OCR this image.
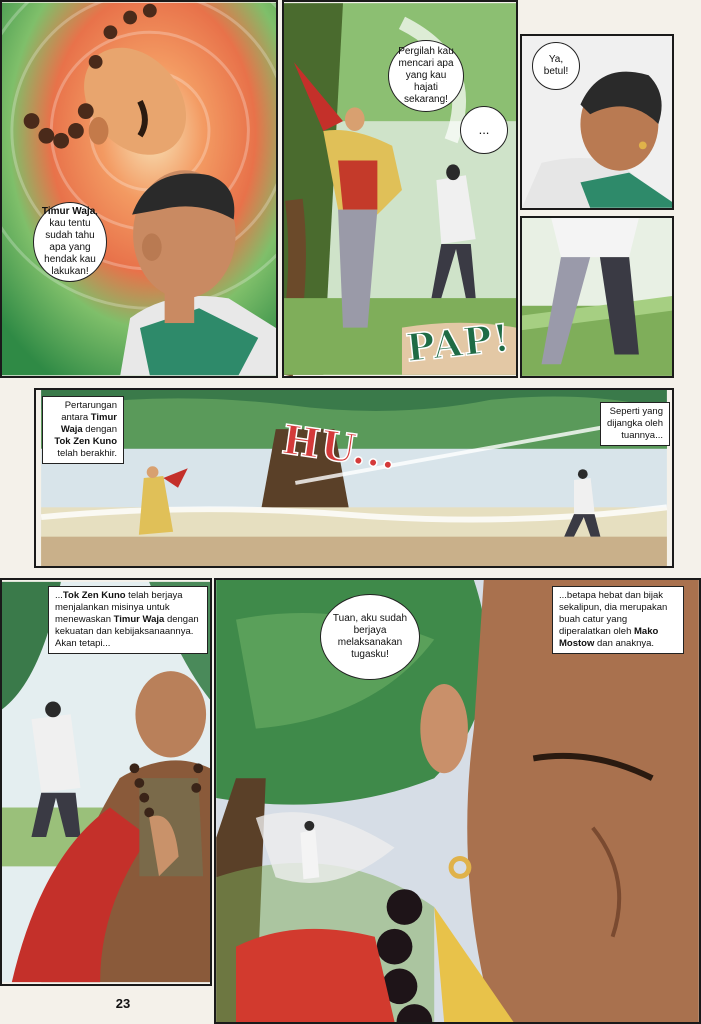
Timur Waja, kau tentu sudah tahu apa yang hendak kau lakukan!
Pergilah kau mencari apa yang kau hajati sekarang!
...
PAP!
Ya, betul!
Pertarungan antara Timur Waja dengan Tok Zen Kuno telah berakhir.
Seperti yang dijangka oleh tuannya...
HU...
...Tok Zen Kuno telah berjaya menjalankan misinya untuk menewaskan Timur Waja dengan kekuatan dan kebijaksanaannya. Akan tetapi...
Tuan, aku sudah berjaya melaksanakan tugasku!
...betapa hebat dan bijak sekalipun, dia merupakan buah catur yang diperalatkan oleh Mako Mostow dan anaknya.
23
